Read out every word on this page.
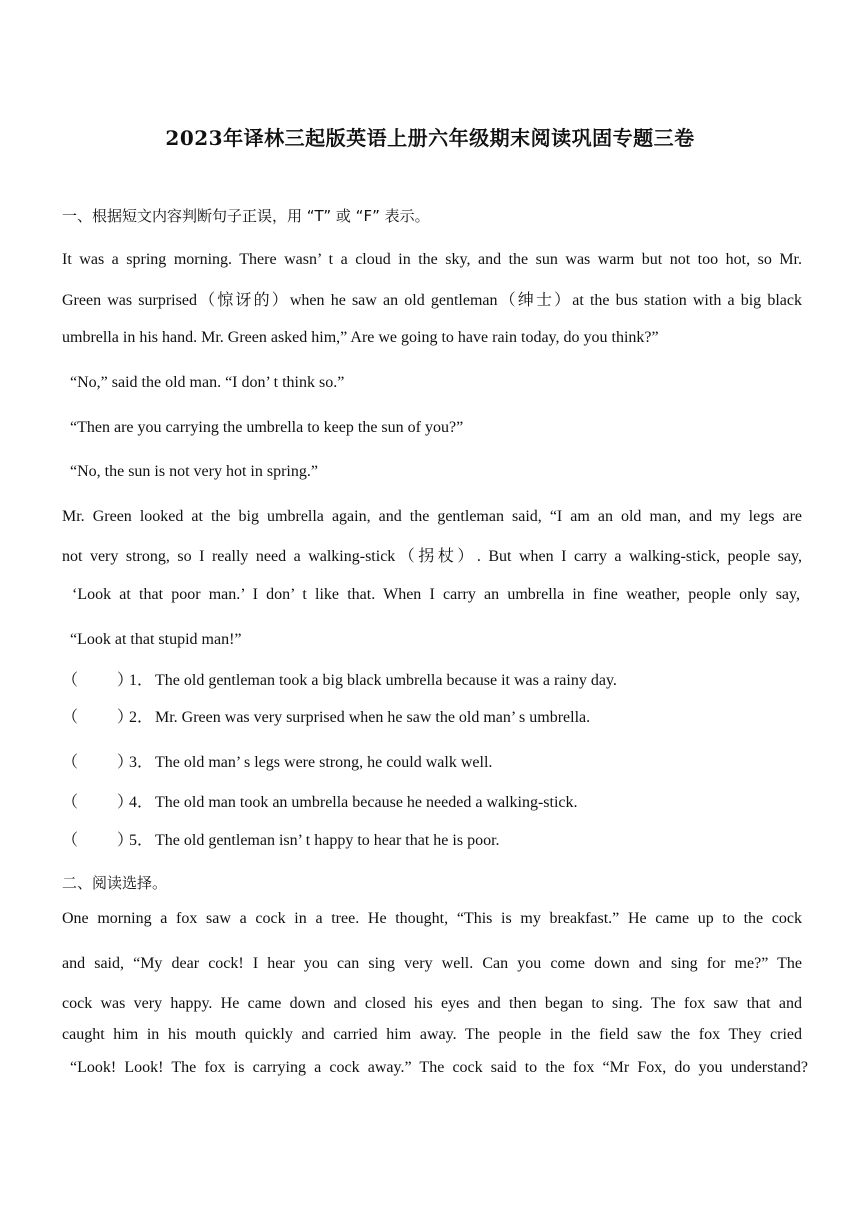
2023年译林三起版英语上册六年级期末阅读巩固专题三卷
一、根据短文内容判断句子正误，用 “T” 或 “F” 表示。
It was a spring morning. There wasn’ t a cloud in the sky, and the sun was warm but not too hot, so Mr.
Green was surprised（惊讶的）when he saw an old gentleman（绅士）at the bus station with a big black
umbrella in his hand. Mr. Green asked him,” Are we going to have rain today, do you think?”
“No,” said the old man. “I don’ t think so.”
“Then are you carrying the umbrella to keep the sun of you?”
“No, the sun is not very hot in spring.”
Mr. Green looked at the big umbrella again, and the gentleman said, “I am an old man, and my legs are
not very strong, so I really need a walking-stick（拐杖）. But when I carry a walking-stick, people say,
‘Look at that poor man.’ I don’ t like that. When I carry an umbrella in fine weather, people only say,
“Look at that stupid man!”
（ ）1． The old gentleman took a big black umbrella because it was a rainy day.
（ ）2． Mr. Green was very surprised when he saw the old man’ s umbrella.
（ ）3． The old man’ s legs were strong, he could walk well.
（ ）4． The old man took an umbrella because he needed a walking-stick.
（ ）5． The old gentleman isn’ t happy to hear that he is poor.
二、阅读选择。
One morning a fox saw a cock in a tree. He thought, “This is my breakfast.” He came up to the cock
and said, “My dear cock! I hear you can sing very well. Can you come down and sing for me?” The
cock was very happy. He came down and closed his eyes and then began to sing. The fox saw that and
caught him in his mouth quickly and carried him away. The people in the field saw the fox They cried
“Look! Look! The fox is carrying a cock away.” The cock said to the fox “Mr Fox, do you understand?
